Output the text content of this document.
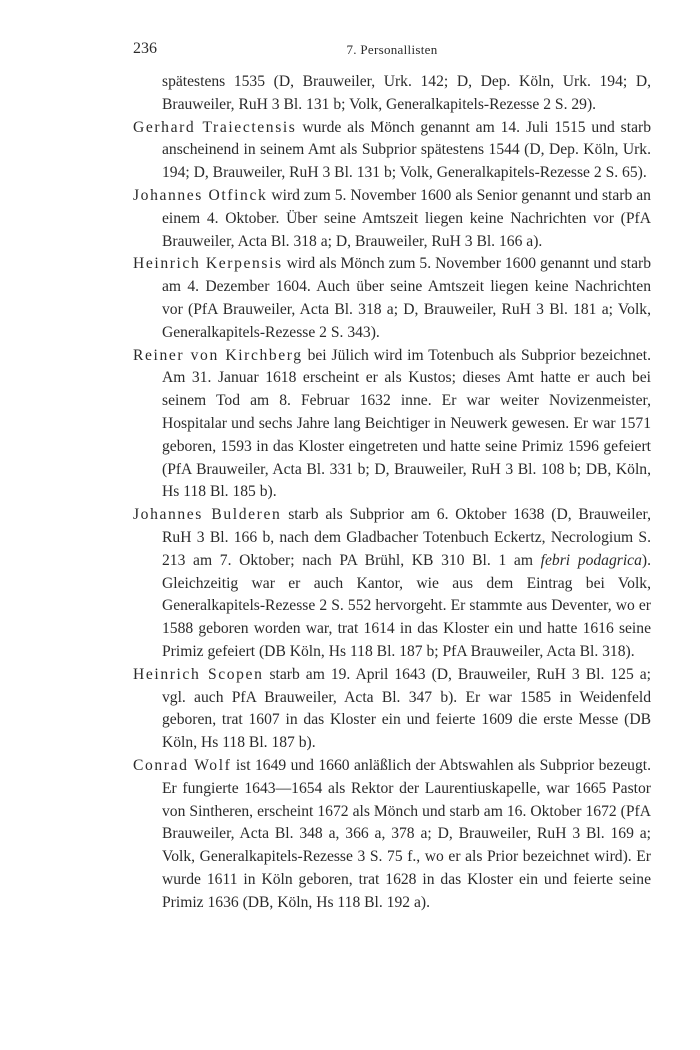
236	7. Personallisten

spätestens 1535 (D, Brauweiler, Urk. 142; D, Dep. Köln, Urk. 194; D, Brauweiler, RuH 3 Bl. 131 b; Volk, Generalkapitels-Rezesse 2 S. 29).

Gerhard Traiectensis wurde als Mönch genannt am 14. Juli 1515 und starb anscheinend in seinem Amt als Subprior spätestens 1544 (D, Dep. Köln, Urk. 194; D, Brauweiler, RuH 3 Bl. 131 b; Volk, Generalkapitels-Rezesse 2 S. 65).

Johannes Otfinck wird zum 5. November 1600 als Senior genannt und starb an einem 4. Oktober. Über seine Amtszeit liegen keine Nachrichten vor (PfA Brauweiler, Acta Bl. 318 a; D, Brauweiler, RuH 3 Bl. 166 a).

Heinrich Kerpensis wird als Mönch zum 5. November 1600 genannt und starb am 4. Dezember 1604. Auch über seine Amtszeit liegen keine Nachrichten vor (PfA Brauweiler, Acta Bl. 318 a; D, Brauweiler, RuH 3 Bl. 181 a; Volk, Generalkapitels-Rezesse 2 S. 343).

Reiner von Kirchberg bei Jülich wird im Totenbuch als Subprior bezeichnet. Am 31. Januar 1618 erscheint er als Kustos; dieses Amt hatte er auch bei seinem Tod am 8. Februar 1632 inne. Er war weiter Novizenmeister, Hospitalar und sechs Jahre lang Beichtiger in Neuwerk gewesen. Er war 1571 geboren, 1593 in das Kloster eingetreten und hatte seine Primiz 1596 gefeiert (PfA Brauweiler, Acta Bl. 331 b; D, Brauweiler, RuH 3 Bl. 108 b; DB, Köln, Hs 118 Bl. 185 b).

Johannes Bulderen starb als Subprior am 6. Oktober 1638 (D, Brauweiler, RuH 3 Bl. 166 b, nach dem Gladbacher Totenbuch Eckertz, Necrologium S. 213 am 7. Oktober; nach PA Brühl, KB 310 Bl. 1 am febri podagrica). Gleichzeitig war er auch Kantor, wie aus dem Eintrag bei Volk, Generalkapitels-Rezesse 2 S. 552 hervorgeht. Er stammte aus Deventer, wo er 1588 geboren worden war, trat 1614 in das Kloster ein und hatte 1616 seine Primiz gefeiert (DB Köln, Hs 118 Bl. 187 b; PfA Brauweiler, Acta Bl. 318).

Heinrich Scopen starb am 19. April 1643 (D, Brauweiler, RuH 3 Bl. 125 a; vgl. auch PfA Brauweiler, Acta Bl. 347 b). Er war 1585 in Weidenfeld geboren, trat 1607 in das Kloster ein und feierte 1609 die erste Messe (DB Köln, Hs 118 Bl. 187 b).

Conrad Wolf ist 1649 und 1660 anläßlich der Abtswahlen als Subprior bezeugt. Er fungierte 1643—1654 als Rektor der Laurentiuskapelle, war 1665 Pastor von Sintheren, erscheint 1672 als Mönch und starb am 16. Oktober 1672 (PfA Brauweiler, Acta Bl. 348 a, 366 a, 378 a; D, Brauweiler, RuH 3 Bl. 169 a; Volk, Generalkapitels-Rezesse 3 S. 75 f., wo er als Prior bezeichnet wird). Er wurde 1611 in Köln geboren, trat 1628 in das Kloster ein und feierte seine Primiz 1636 (DB, Köln, Hs 118 Bl. 192 a).
